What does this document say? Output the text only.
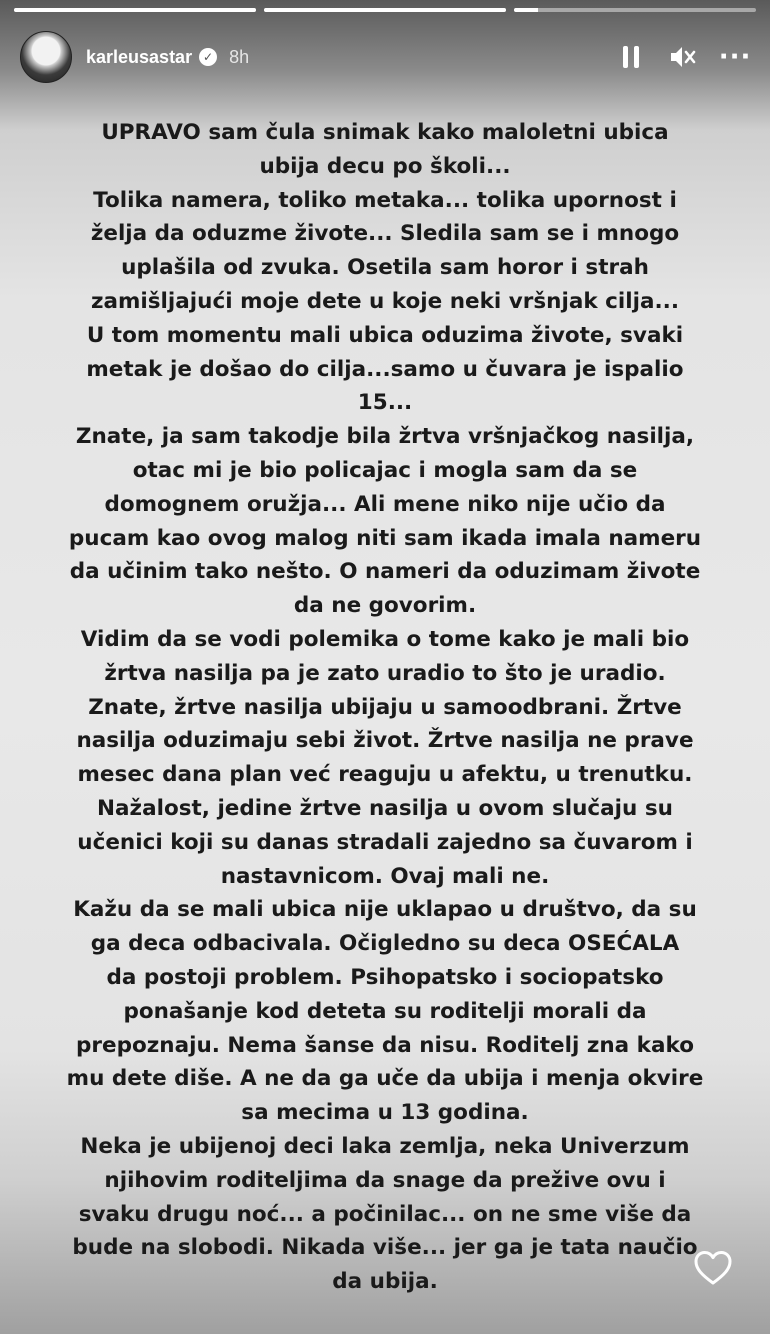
karleusastar ✓ 8h	···
UPRAVO sam čula snimak kako maloletni ubica
ubija decu po školi...
Tolika namera, toliko metaka... tolika upornost i
želja da oduzme živote... Sledila sam se i mnogo
uplašila od zvuka. Osetila sam horor i strah
zamišljajući moje dete u koje neki vršnjak cilja...
U tom momentu mali ubica oduzima živote, svaki
metak je došao do cilja...samo u čuvara je ispalio
15...
Znate, ja sam takodje bila žrtva vršnjačkog nasilja,
otac mi je bio policajac i mogla sam da se
domognem oružja... Ali mene niko nije učio da
pucam kao ovog malog niti sam ikada imala nameru
da učinim tako nešto. O nameri da oduzimam živote
da ne govorim.
Vidim da se vodi polemika o tome kako je mali bio
žrtva nasilja pa je zato uradio to što je uradio.
Znate, žrtve nasilja ubijaju u samoodbrani. Žrtve
nasilja oduzimaju sebi život. Žrtve nasilja ne prave
mesec dana plan već reaguju u afektu, u trenutku.
Nažalost, jedine žrtve nasilja u ovom slučaju su
učenici koji su danas stradali zajedno sa čuvarom i
nastavnicom. Ovaj mali ne.
Kažu da se mali ubica nije uklapao u društvo, da su
ga deca odbacivala. Očigledno su deca OSEĆALA
da postoji problem. Psihopatsko i sociopatsko
ponašanje kod deteta su roditelji morali da
prepoznaju. Nema šanse da nisu. Roditelj zna kako
mu dete diše. A ne da ga uče da ubija i menja okvire
sa mecima u 13 godina.
Neka je ubijenoj deci laka zemlja, neka Univerzum
njihovim roditeljima da snage da prežive ovu i
svaku drugu noć... a počinilac... on ne sme više da
bude na slobodi. Nikada više... jer ga je tata naučio
da ubija.
